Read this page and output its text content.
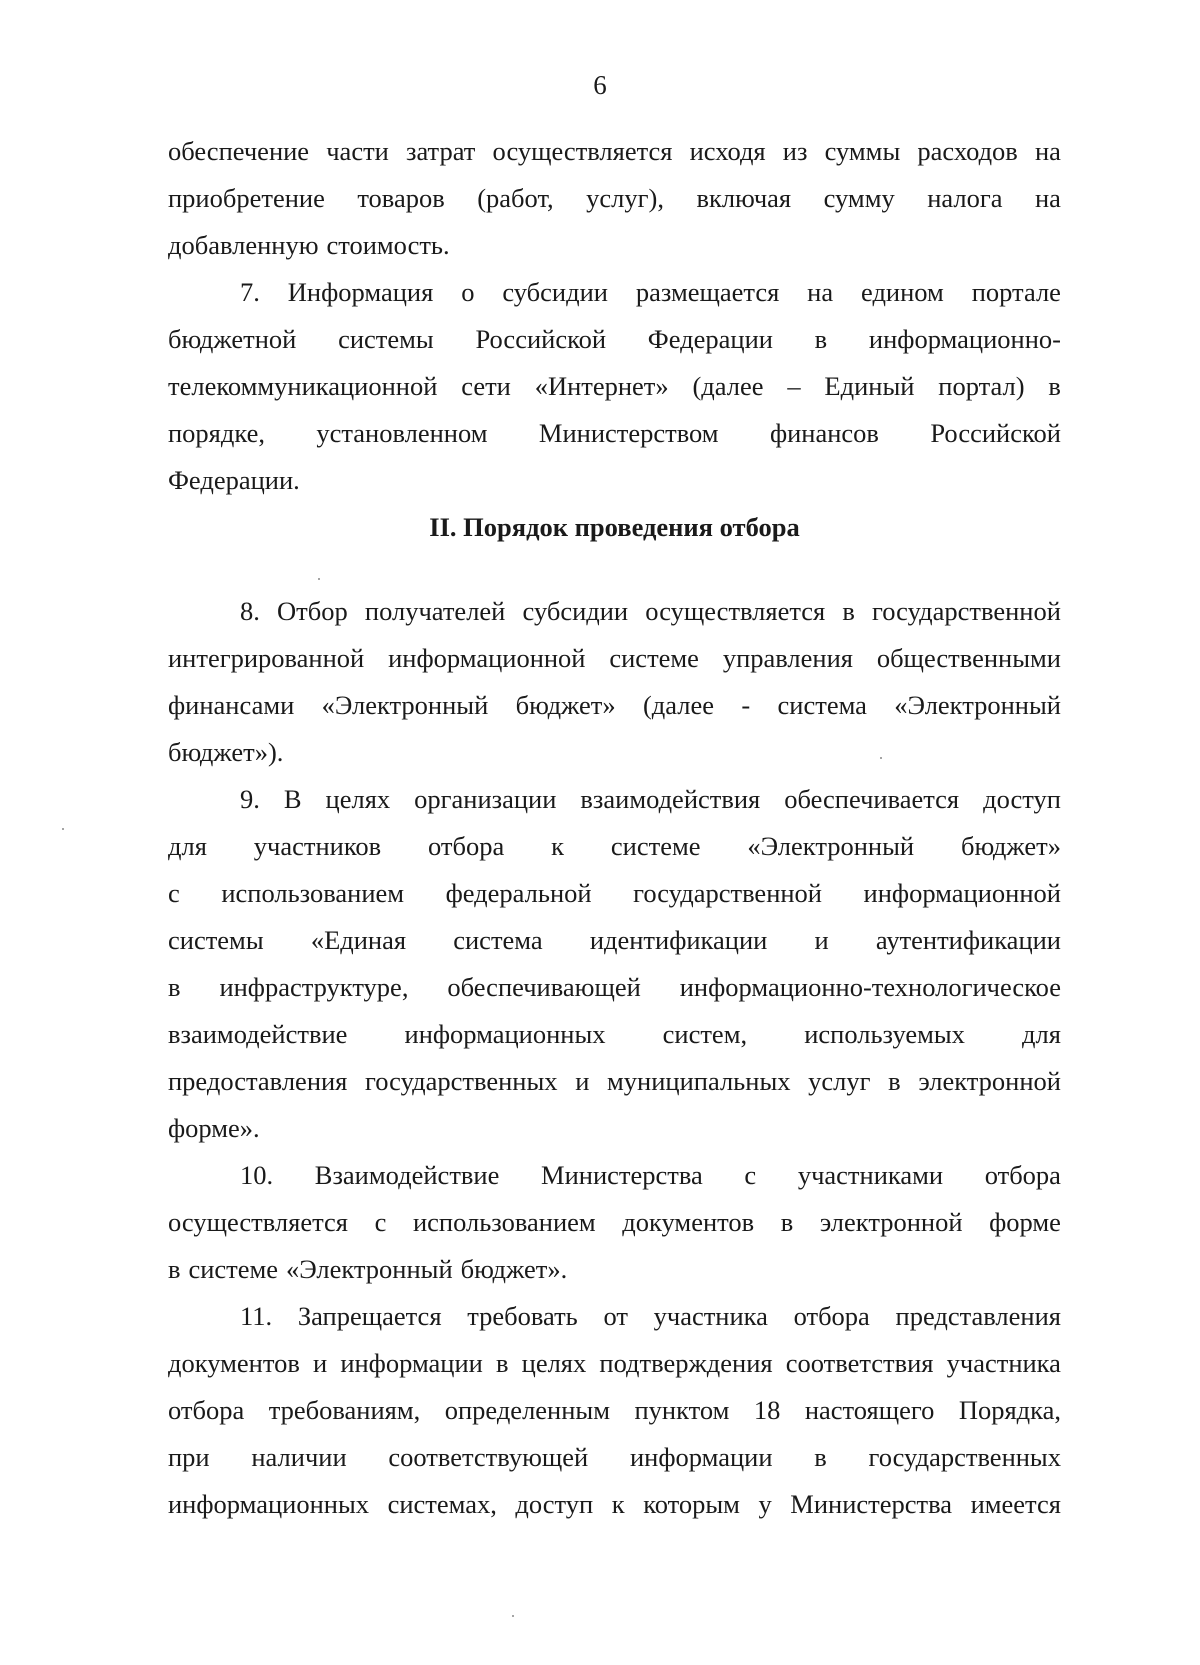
6
обеспечение части затрат осуществляется исходя из суммы расходов на
приобретение товаров (работ, услуг), включая сумму налога на
добавленную стоимость.
7. Информация о субсидии размещается на едином портале
бюджетной системы Российской Федерации в информационно-
телекоммуникационной сети «Интернет» (далее – Единый портал) в
порядке, установленном Министерством финансов Российской
Федерации.
II. Порядок проведения отбора
8. Отбор получателей субсидии осуществляется в государственной
интегрированной информационной системе управления общественными
финансами «Электронный бюджет» (далее - система «Электронный
бюджет»).
9. В целях организации взаимодействия обеспечивается доступ
для участников отбора к системе «Электронный бюджет»
с использованием федеральной государственной информационной
системы «Единая система идентификации и аутентификации
в инфраструктуре, обеспечивающей информационно-технологическое
взаимодействие информационных систем, используемых для
предоставления государственных и муниципальных услуг в электронной
форме».
10. Взаимодействие Министерства с участниками отбора
осуществляется с использованием документов в электронной форме
в системе «Электронный бюджет».
11. Запрещается требовать от участника отбора представления
документов и информации в целях подтверждения соответствия участника
отбора требованиям, определенным пунктом 18 настоящего Порядка,
при наличии соответствующей информации в государственных
информационных системах, доступ к которым у Министерства имеется
